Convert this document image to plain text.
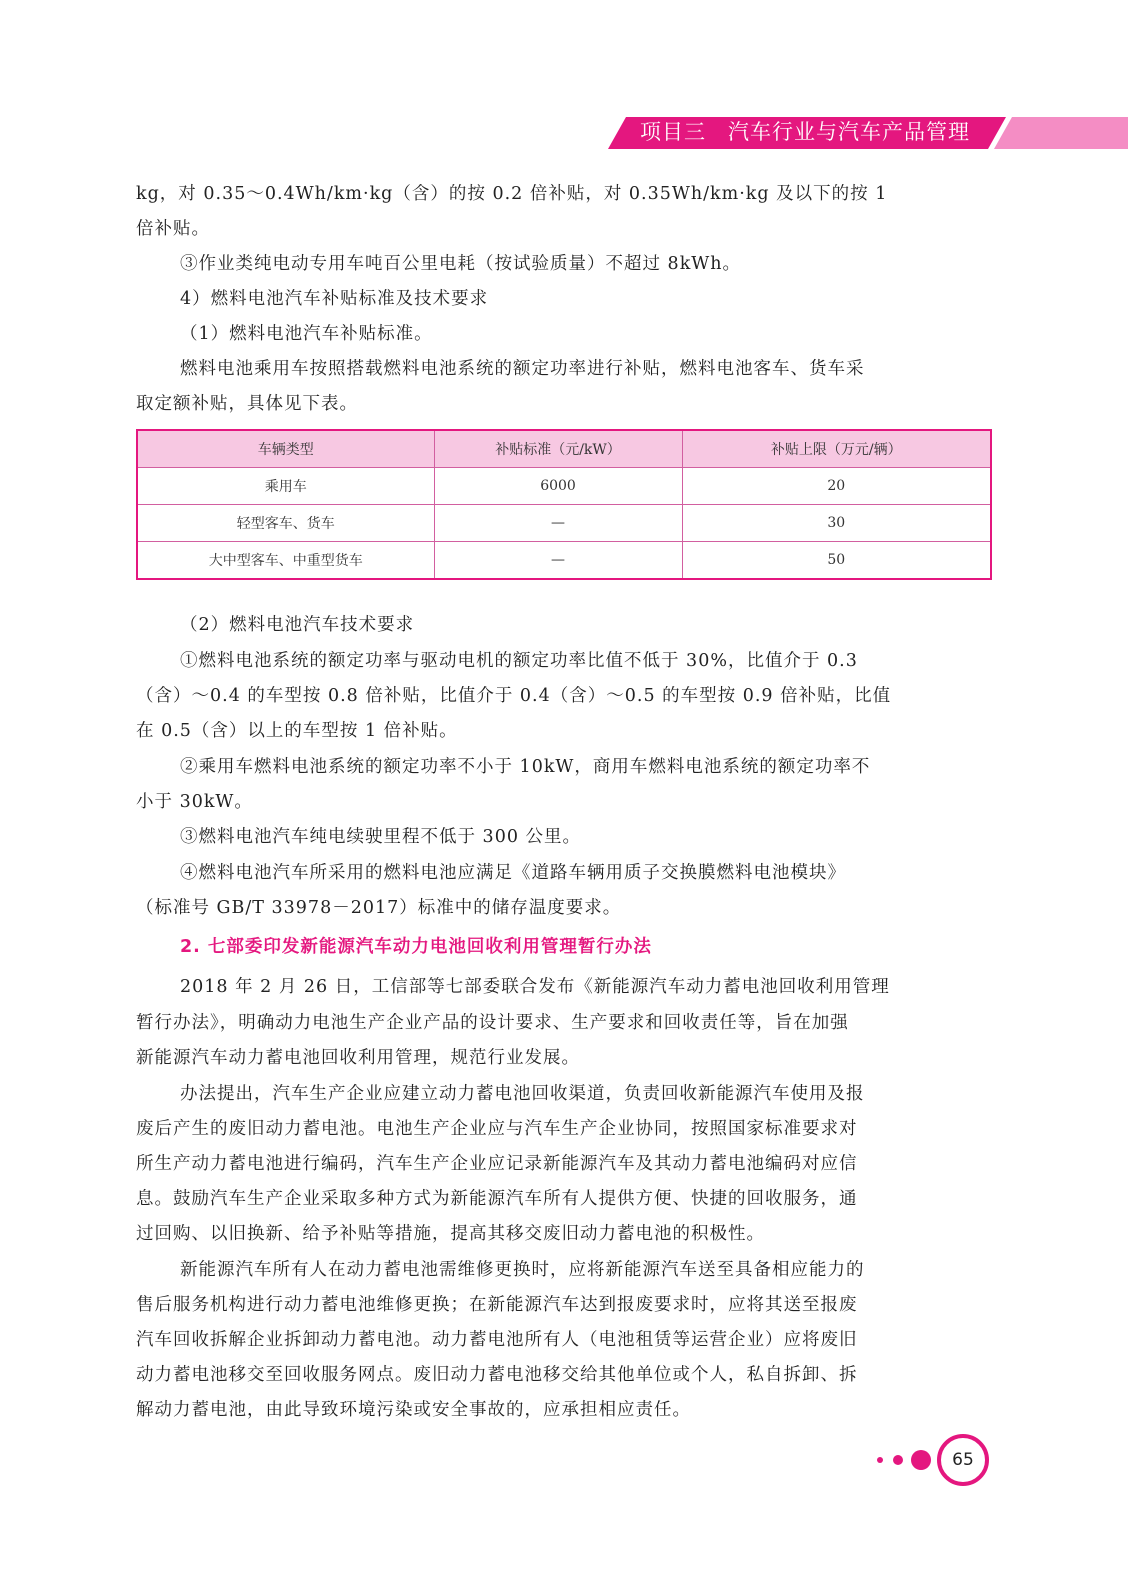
项目三 汽车行业与汽车产品管理
kg，对 0.35～0.4Wh/km·kg（含）的按 0.2 倍补贴，对 0.35Wh/km·kg 及以下的按 1
倍补贴。
③作业类纯电动专用车吨百公里电耗（按试验质量）不超过 8kWh。
4）燃料电池汽车补贴标准及技术要求
（1）燃料电池汽车补贴标准。
燃料电池乘用车按照搭载燃料电池系统的额定功率进行补贴，燃料电池客车、货车采
取定额补贴，具体见下表。
车辆类型	补贴标准（元/kW）	补贴上限（万元/辆）
乘用车	6000	20
轻型客车、货车	—	30
大中型客车、中重型货车	—	50
（2）燃料电池汽车技术要求
①燃料电池系统的额定功率与驱动电机的额定功率比值不低于 30%，比值介于 0.3
（含）～0.4 的车型按 0.8 倍补贴，比值介于 0.4（含）～0.5 的车型按 0.9 倍补贴，比值
在 0.5（含）以上的车型按 1 倍补贴。
②乘用车燃料电池系统的额定功率不小于 10kW，商用车燃料电池系统的额定功率不
小于 30kW。
③燃料电池汽车纯电续驶里程不低于 300 公里。
④燃料电池汽车所采用的燃料电池应满足《道路车辆用质子交换膜燃料电池模块》
（标准号 GB/T 33978－2017）标准中的储存温度要求。
2. 七部委印发新能源汽车动力电池回收利用管理暂行办法
2018 年 2 月 26 日，工信部等七部委联合发布《新能源汽车动力蓄电池回收利用管理
暂行办法》，明确动力电池生产企业产品的设计要求、生产要求和回收责任等，旨在加强
新能源汽车动力蓄电池回收利用管理，规范行业发展。
办法提出，汽车生产企业应建立动力蓄电池回收渠道，负责回收新能源汽车使用及报
废后产生的废旧动力蓄电池。电池生产企业应与汽车生产企业协同，按照国家标准要求对
所生产动力蓄电池进行编码，汽车生产企业应记录新能源汽车及其动力蓄电池编码对应信
息。鼓励汽车生产企业采取多种方式为新能源汽车所有人提供方便、快捷的回收服务，通
过回购、以旧换新、给予补贴等措施，提高其移交废旧动力蓄电池的积极性。
新能源汽车所有人在动力蓄电池需维修更换时，应将新能源汽车送至具备相应能力的
售后服务机构进行动力蓄电池维修更换；在新能源汽车达到报废要求时，应将其送至报废
汽车回收拆解企业拆卸动力蓄电池。动力蓄电池所有人（电池租赁等运营企业）应将废旧
动力蓄电池移交至回收服务网点。废旧动力蓄电池移交给其他单位或个人，私自拆卸、拆
解动力蓄电池，由此导致环境污染或安全事故的，应承担相应责任。
65
